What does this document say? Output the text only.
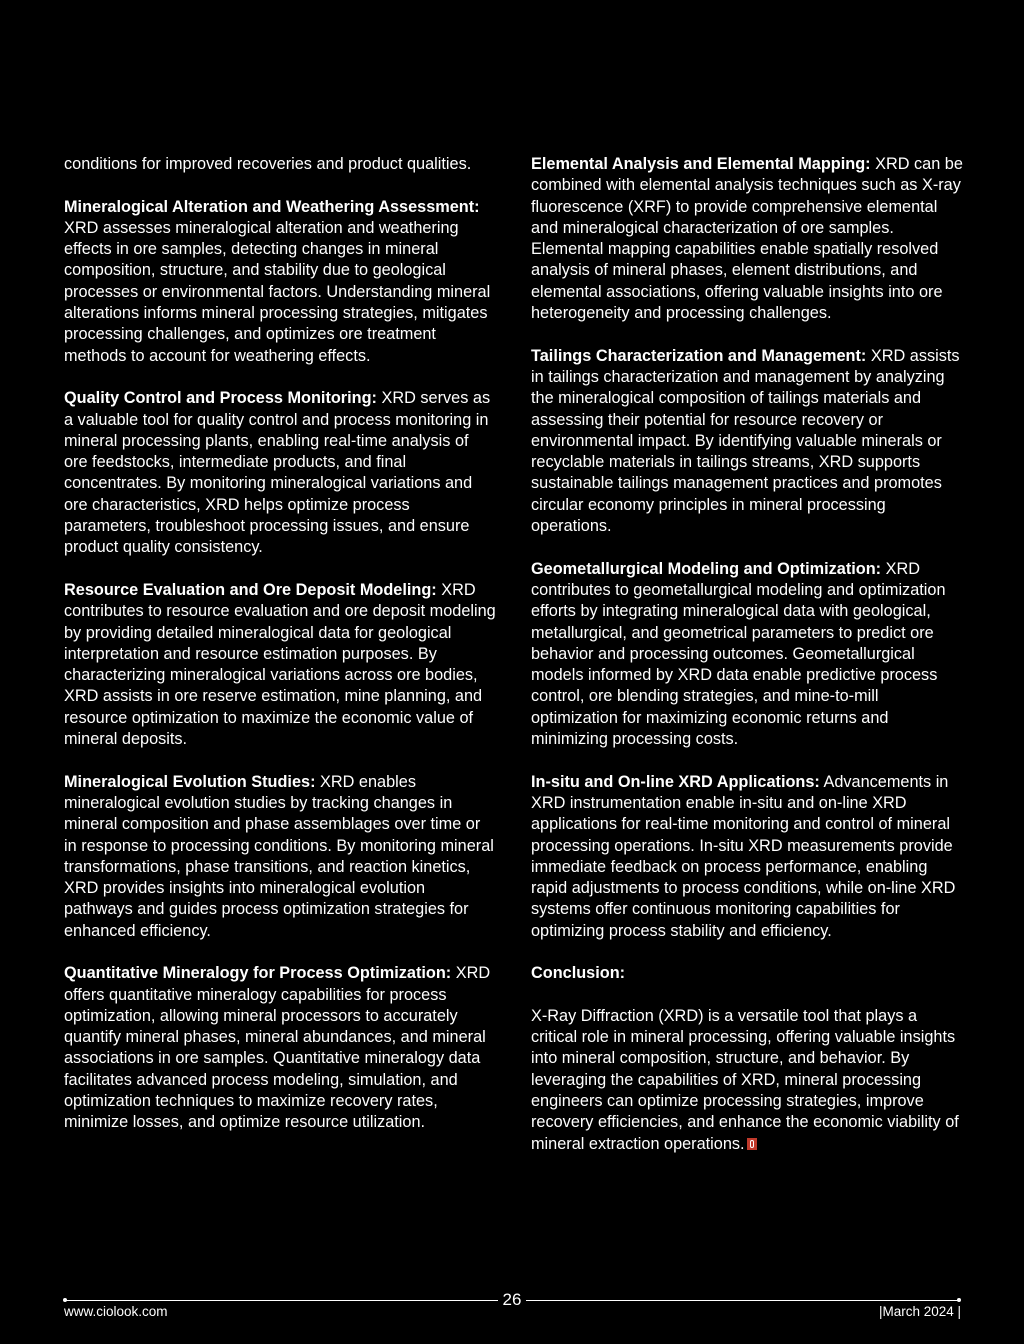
conditions for improved recoveries and product qualities.

Mineralogical Alteration and Weathering Assessment: XRD assesses mineralogical alteration and weathering effects in ore samples, detecting changes in mineral composition, structure, and stability due to geological processes or environmental factors. Understanding mineral alterations informs mineral processing strategies, mitigates processing challenges, and optimizes ore treatment methods to account for weathering effects.

Quality Control and Process Monitoring: XRD serves as a valuable tool for quality control and process monitoring in mineral processing plants, enabling real-time analysis of ore feedstocks, intermediate products, and final concentrates. By monitoring mineralogical variations and ore characteristics, XRD helps optimize process parameters, troubleshoot processing issues, and ensure product quality consistency.

Resource Evaluation and Ore Deposit Modeling: XRD contributes to resource evaluation and ore deposit modeling by providing detailed mineralogical data for geological interpretation and resource estimation purposes. By characterizing mineralogical variations across ore bodies, XRD assists in ore reserve estimation, mine planning, and resource optimization to maximize the economic value of mineral deposits.

Mineralogical Evolution Studies: XRD enables mineralogical evolution studies by tracking changes in mineral composition and phase assemblages over time or in response to processing conditions. By monitoring mineral transformations, phase transitions, and reaction kinetics, XRD provides insights into mineralogical evolution pathways and guides process optimization strategies for enhanced efficiency.

Quantitative Mineralogy for Process Optimization: XRD offers quantitative mineralogy capabilities for process optimization, allowing mineral processors to accurately quantify mineral phases, mineral abundances, and mineral associations in ore samples. Quantitative mineralogy data facilitates advanced process modeling, simulation, and optimization techniques to maximize recovery rates, minimize losses, and optimize resource utilization.

Elemental Analysis and Elemental Mapping: XRD can be combined with elemental analysis techniques such as X-ray fluorescence (XRF) to provide comprehensive elemental and mineralogical characterization of ore samples. Elemental mapping capabilities enable spatially resolved analysis of mineral phases, element distributions, and elemental associations, offering valuable insights into ore heterogeneity and processing challenges.

Tailings Characterization and Management: XRD assists in tailings characterization and management by analyzing the mineralogical composition of tailings materials and assessing their potential for resource recovery or environmental impact. By identifying valuable minerals or recyclable materials in tailings streams, XRD supports sustainable tailings management practices and promotes circular economy principles in mineral processing operations.

Geometallurgical Modeling and Optimization: XRD contributes to geometallurgical modeling and optimization efforts by integrating mineralogical data with geological, metallurgical, and geometrical parameters to predict ore behavior and processing outcomes. Geometallurgical models informed by XRD data enable predictive process control, ore blending strategies, and mine-to-mill optimization for maximizing economic returns and minimizing processing costs.

In-situ and On-line XRD Applications: Advancements in XRD instrumentation enable in-situ and on-line XRD applications for real-time monitoring and control of mineral processing operations. In-situ XRD measurements provide immediate feedback on process performance, enabling rapid adjustments to process conditions, while on-line XRD systems offer continuous monitoring capabilities for optimizing process stability and efficiency.

Conclusion:

X-Ray Diffraction (XRD) is a versatile tool that plays a critical role in mineral processing, offering valuable insights into mineral composition, structure, and behavior. By leveraging the capabilities of XRD, mineral processing engineers can optimize processing strategies, improve recovery efficiencies, and enhance the economic viability of mineral extraction operations.

26
www.ciolook.com	|March 2024 |
